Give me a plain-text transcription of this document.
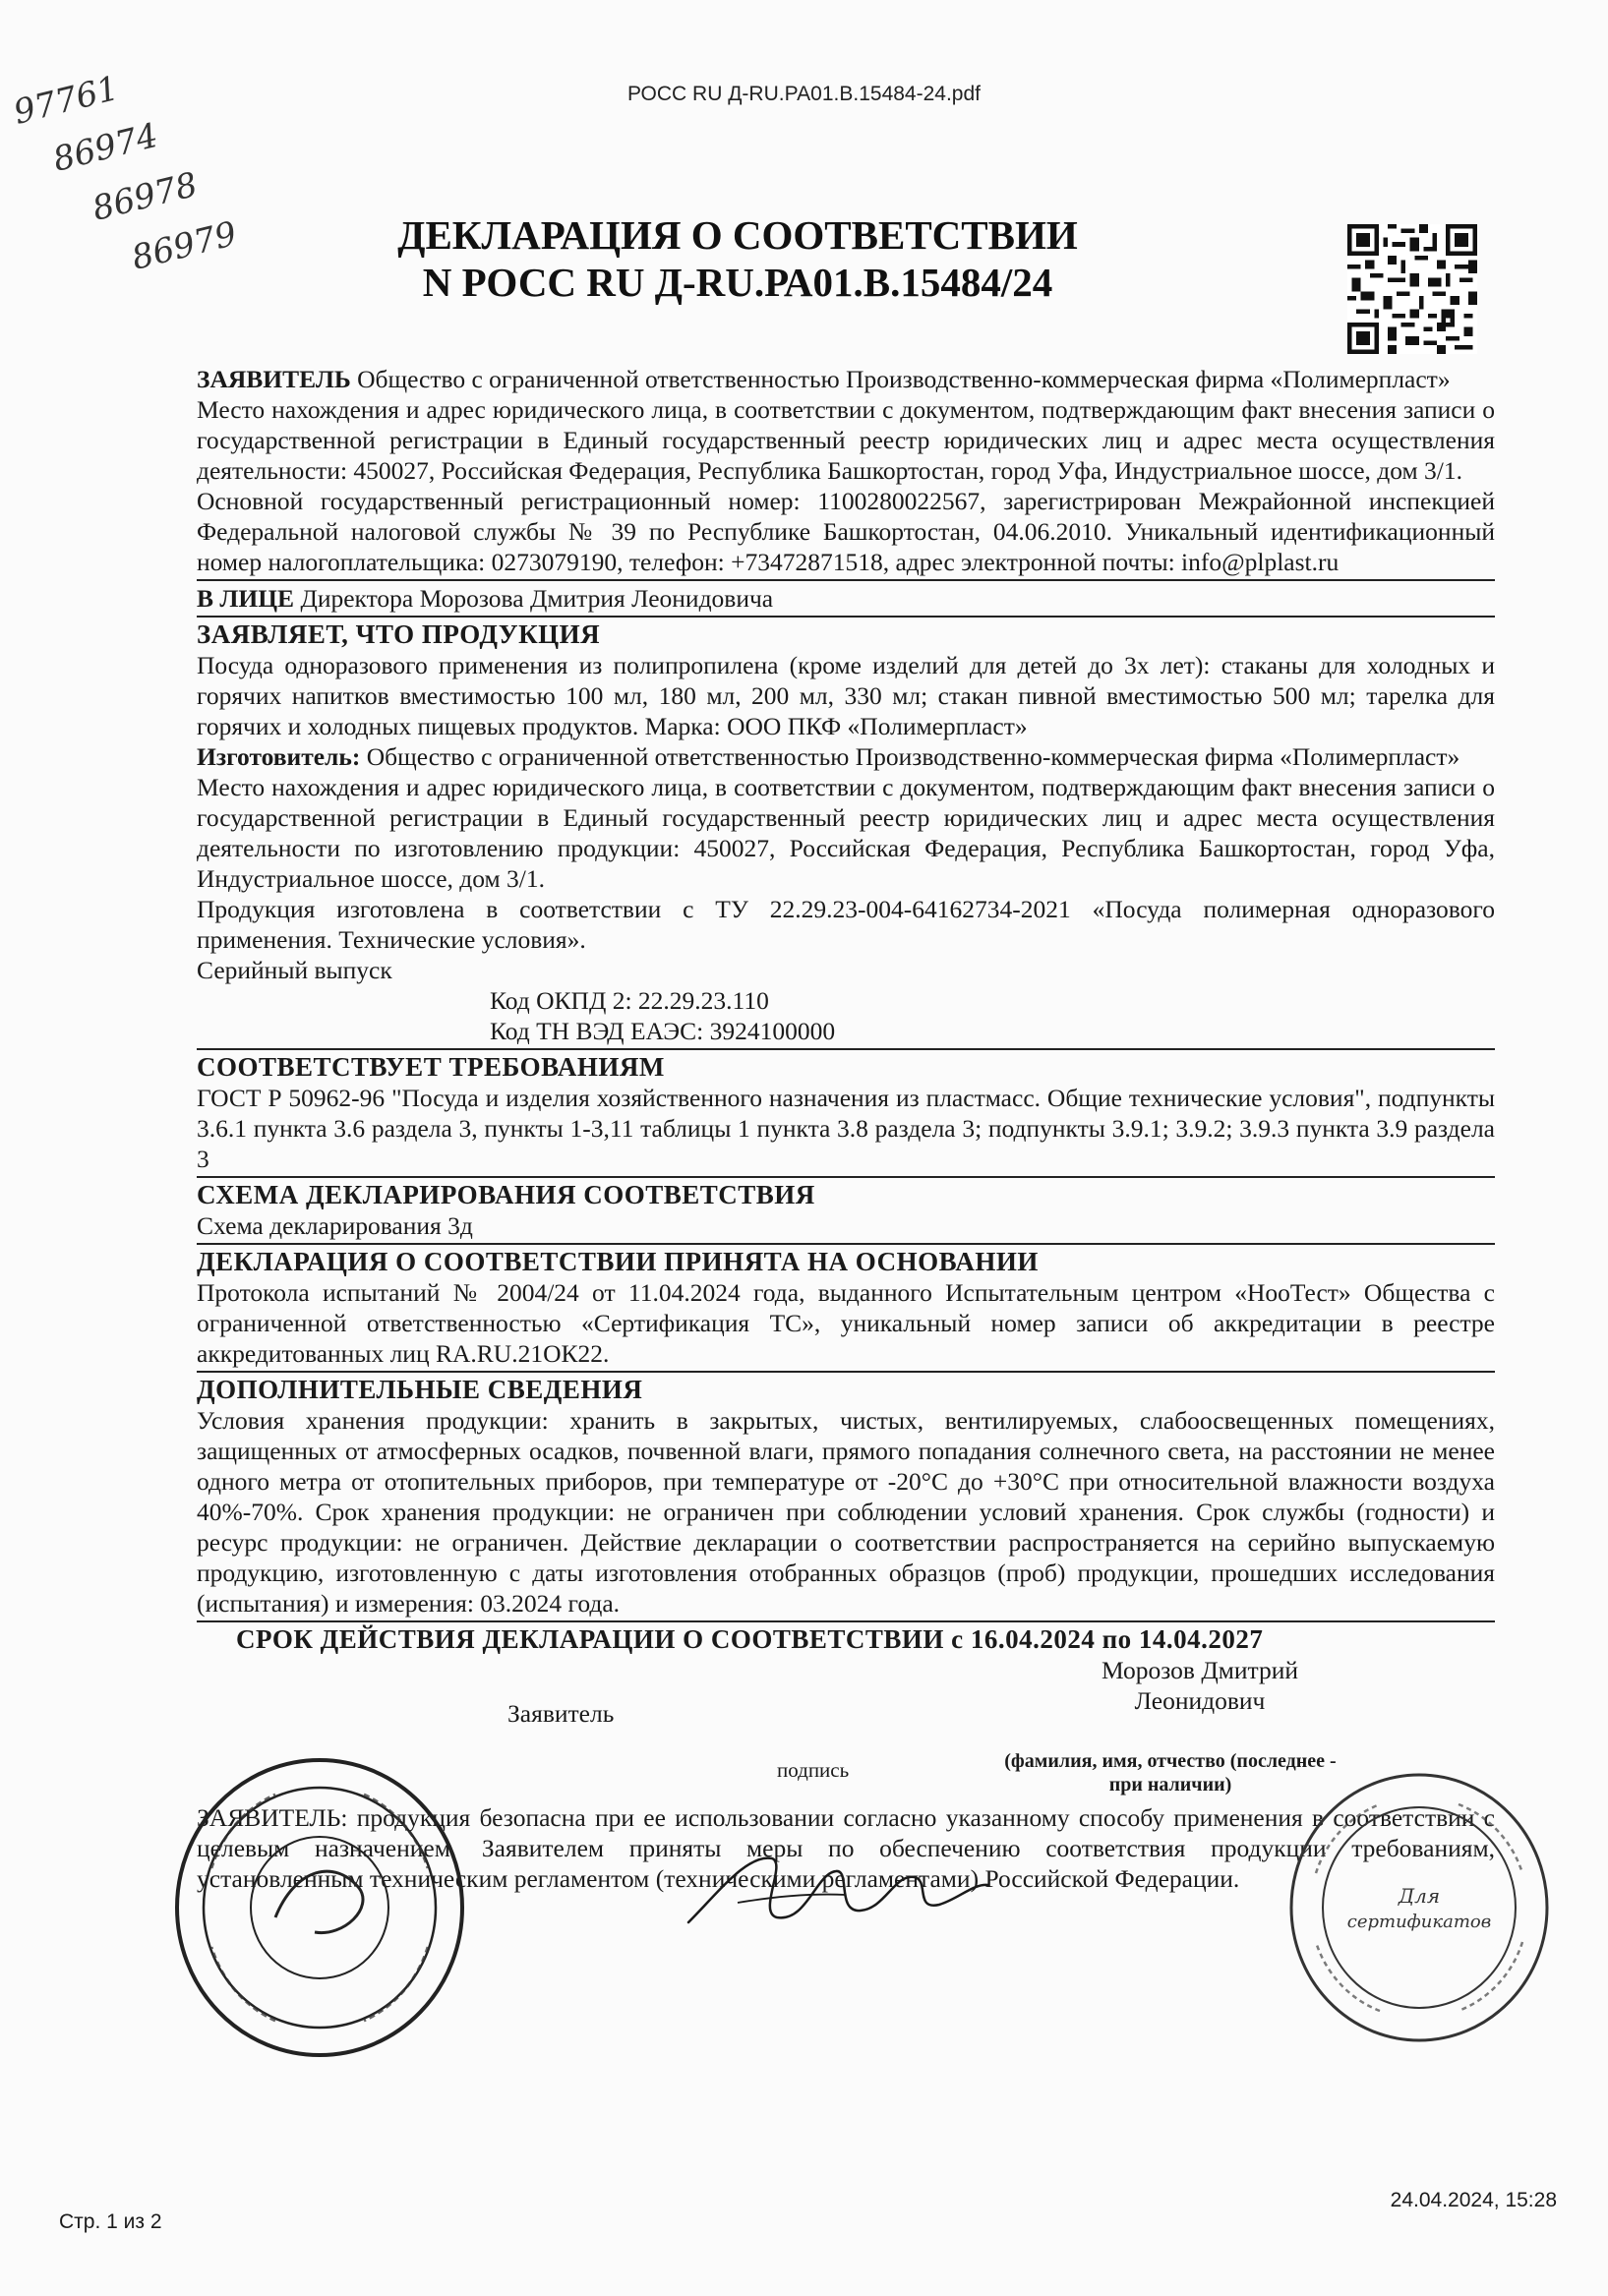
РОСС RU Д-RU.РА01.В.15484-24.pdf
97761
86974
86978
86979	ДЕКЛАРАЦИЯ О СООТВЕТСТВИИ
N РОСС RU Д-RU.РА01.В.15484/24

ЗАЯВИТЕЛЬ Общество с ограниченной ответственностью Производственно-коммерческая фирма «Полимерпласт»

Место нахождения и адрес юридического лица, в соответствии с документом, подтверждающим факт внесения записи о государственной регистрации в Единый государственный реестр юридических лиц и адрес места осуществления деятельности: 450027, Российская Федерация, Республика Башкортостан, город Уфа, Индустриальное шоссе, дом 3/1.

Основной государственный регистрационный номер: 1100280022567, зарегистрирован Межрайонной инспекцией Федеральной налоговой службы № 39 по Республике Башкортостан, 04.06.2010. Уникальный идентификационный номер налогоплательщика: 0273079190, телефон: +73472871518, адрес электронной почты: info@plplast.ru

В ЛИЦЕ Директора Морозова Дмитрия Леонидовича

ЗАЯВЛЯЕТ, ЧТО ПРОДУКЦИЯ

Посуда одноразового применения из полипропилена (кроме изделий для детей до 3х лет): стаканы для холодных и горячих напитков вместимостью 100 мл, 180 мл, 200 мл, 330 мл; стакан пивной вместимостью 500 мл; тарелка для горячих и холодных пищевых продуктов. Марка: ООО ПКФ «Полимерпласт»

Изготовитель: Общество с ограниченной ответственностью Производственно-коммерческая фирма «Полимерпласт»

Место нахождения и адрес юридического лица, в соответствии с документом, подтверждающим факт внесения записи о государственной регистрации в Единый государственный реестр юридических лиц и адрес места осуществления деятельности по изготовлению продукции: 450027, Российская Федерация, Республика Башкортостан, город Уфа, Индустриальное шоссе, дом 3/1.

Продукция изготовлена в соответствии с ТУ 22.29.23-004-64162734-2021 «Посуда полимерная одноразового применения. Технические условия».

Серийный выпуск

Код ОКПД 2: 22.29.23.110

Код ТН ВЭД ЕАЭС: 3924100000

СООТВЕТСТВУЕТ ТРЕБОВАНИЯМ

ГОСТ Р 50962-96 "Посуда и изделия хозяйственного назначения из пластмасс. Общие технические условия", подпункты 3.6.1 пункта 3.6 раздела 3, пункты 1-3,11 таблицы 1 пункта 3.8 раздела 3; подпункты 3.9.1; 3.9.2; 3.9.3 пункта 3.9 раздела 3

СХЕМА ДЕКЛАРИРОВАНИЯ СООТВЕТСТВИЯ

Схема декларирования 3д

ДЕКЛАРАЦИЯ О СООТВЕТСТВИИ ПРИНЯТА НА ОСНОВАНИИ

Протокола испытаний № 2004/24 от 11.04.2024 года, выданного Испытательным центром «НооТест» Общества с ограниченной ответственностью «Сертификация ТС», уникальный номер записи об аккредитации в реестре аккредитованных лиц RA.RU.21ОК22.

ДОПОЛНИТЕЛЬНЫЕ СВЕДЕНИЯ

Условия хранения продукции: хранить в закрытых, чистых, вентилируемых, слабоосвещенных помещениях, защищенных от атмосферных осадков, почвенной влаги, прямого попадания солнечного света, на расстоянии не менее одного метра от отопительных приборов, при температуре от -20°C до +30°C при относительной влажности воздуха 40%-70%. Срок хранения продукции: не ограничен при соблюдении условий хранения. Срок службы (годности) и ресурс продукции: не ограничен. Действие декларации о соответствии распространяется на серийно выпускаемую продукцию, изготовленную с даты изготовления отобранных образцов (проб) продукции, прошедших исследования (испытания) и измерения: 03.2024 года.

СРОК ДЕЙСТВИЯ ДЕКЛАРАЦИИ О СООТВЕТСТВИИ с 16.04.2024 по 14.04.2027

Заявитель
Морозов Дмитрий
Леонидович
подпись	(фамилия, имя, отчество (последнее -
при наличии)

ЗАЯВИТЕЛЬ: продукция безопасна при ее использовании согласно указанному способу применения в соответствии с целевым назначением. Заявителем приняты меры по обеспечению соответствия продукции требованиям, установленным техническим регламентом (техническими регламентами) Российской Федерации.

Для
сертификатов
Стр. 1 из 2
24.04.2024, 15:28
